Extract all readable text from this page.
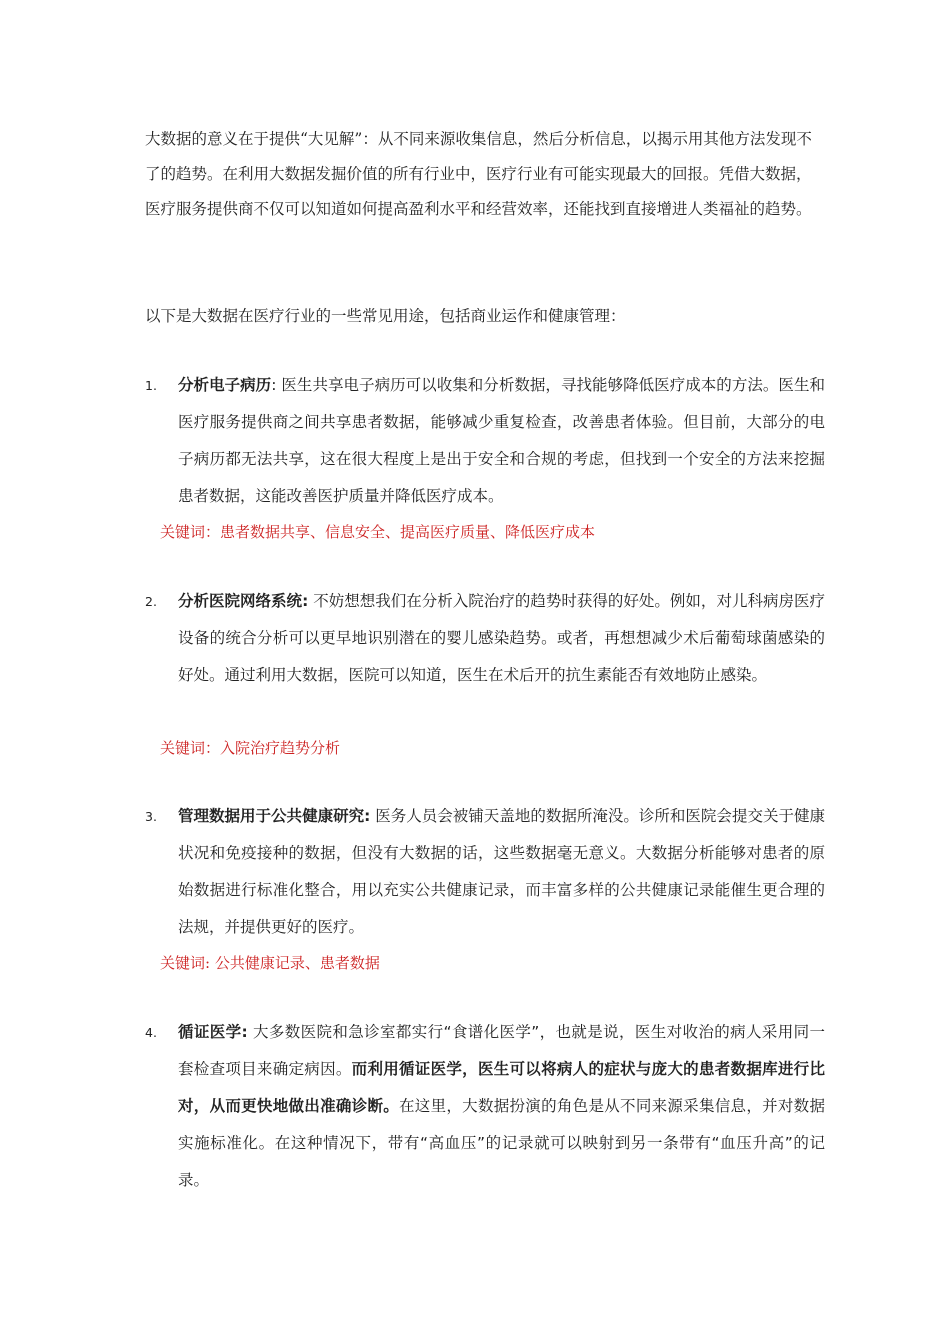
大数据的意义在于提供“大见解”：从不同来源收集信息，然后分析信息，以揭示用其他方法发现不了的趋势。在利用大数据发掘价值的所有行业中，医疗行业有可能实现最大的回报。凭借大数据，医疗服务提供商不仅可以知道如何提高盈利水平和经营效率，还能找到直接增进人类福祉的趋势。

以下是大数据在医疗行业的一些常见用途，包括商业运作和健康管理：

1. 分析电子病历: 医生共享电子病历可以收集和分析数据，寻找能够降低医疗成本的方法。医生和医疗服务提供商之间共享患者数据，能够减少重复检查，改善患者体验。但目前，大部分的电子病历都无法共享，这在很大程度上是出于安全和合规的考虑，但找到一个安全的方法来挖掘患者数据，这能改善医护质量并降低医疗成本。
关键词：患者数据共享、信息安全、提高医疗质量、降低医疗成本
2. 分析医院网络系统: 不妨想想我们在分析入院治疗的趋势时获得的好处。例如，对儿科病房医疗设备的统合分析可以更早地识别潜在的婴儿感染趋势。或者，再想想减少术后葡萄球菌感染的好处。通过利用大数据，医院可以知道，医生在术后开的抗生素能否有效地防止感染。
关键词：入院治疗趋势分析
3. 管理数据用于公共健康研究: 医务人员会被铺天盖地的数据所淹没。诊所和医院会提交关于健康状况和免疫接种的数据，但没有大数据的话，这些数据毫无意义。大数据分析能够对患者的原始数据进行标准化整合，用以充实公共健康记录，而丰富多样的公共健康记录能催生更合理的法规，并提供更好的医疗。
关键词: 公共健康记录、患者数据
4. 循证医学: 大多数医院和急诊室都实行“食谱化医学”，也就是说，医生对收治的病人采用同一套检查项目来确定病因。而利用循证医学，医生可以将病人的症状与庞大的患者数据库进行比对，从而更快地做出准确诊断。在这里，大数据扮演的角色是从不同来源采集信息，并对数据实施标准化。在这种情况下，带有“高血压”的记录就可以映射到另一条带有“血压升高”的记录。
